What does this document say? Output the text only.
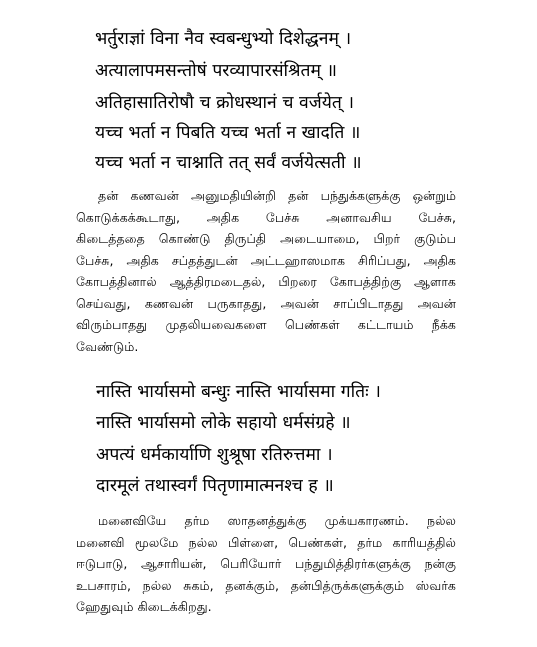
भर्तुराज्ञां विना नैव स्वबन्धुभ्यो दिशेद्धनम् ।
अत्यालापमसन्तोषं परव्यापारसंश्रितम् ॥
अतिहासातिरोषौ च क्रोधस्थानं च वर्जयेत् ।
यच्च भर्ता न पिबति यच्च भर्ता न खादति ॥
यच्च भर्ता न चाश्नाति तत् सर्वं वर्जयेत्सती ॥
தன் கணவன் அனுமதியின்றி தன் பந்துக்களுக்கு ஒன்றும்
கொடுக்கக்கூடாது, அதிக பேச்சு அனாவசிய பேச்சு,
கிடைத்ததை கொண்டு திருப்தி அடையாமை, பிறர் குடும்ப
பேச்சு, அதிக சப்தத்துடன் அட்டஹாஸமாக சிரிப்பது, அதிக
கோபத்தினால் ஆத்திரமடைதல், பிறரை கோபத்திற்கு ஆளாக
செய்வது, கணவன் பருகாதது, அவன் சாப்பிடாதது அவன்
விரும்பாதது முதலியவைகளை பெண்கள் கட்டாயம் நீக்க
வேண்டும்.
नास्ति भार्यासमो बन्धुः नास्ति भार्यासमा गतिः ।
नास्ति भार्यासमो लोके सहायो धर्मसंग्रहे ॥
अपत्यं धर्मकार्याणि शुश्रूषा रतिरुत्तमा ।
दारमूलं तथास्वर्गं पितृणामात्मनश्च ह ॥
மனைவியே தர்ம ஸாதனத்துக்கு முக்யகாரணம். நல்ல
மனைவி மூலமே நல்ல பிள்ளை, பெண்கள், தர்ம காரியத்தில்
ஈடுபாடு, ஆசாரியன், பெரியோர் பந்துமித்திரர்களுக்கு நன்கு
உபசாரம், நல்ல சுகம், தனக்கும், தன்பித்ருக்களுக்கும் ஸ்வர்க
ஹேதுவும் கிடைக்கிறது.
